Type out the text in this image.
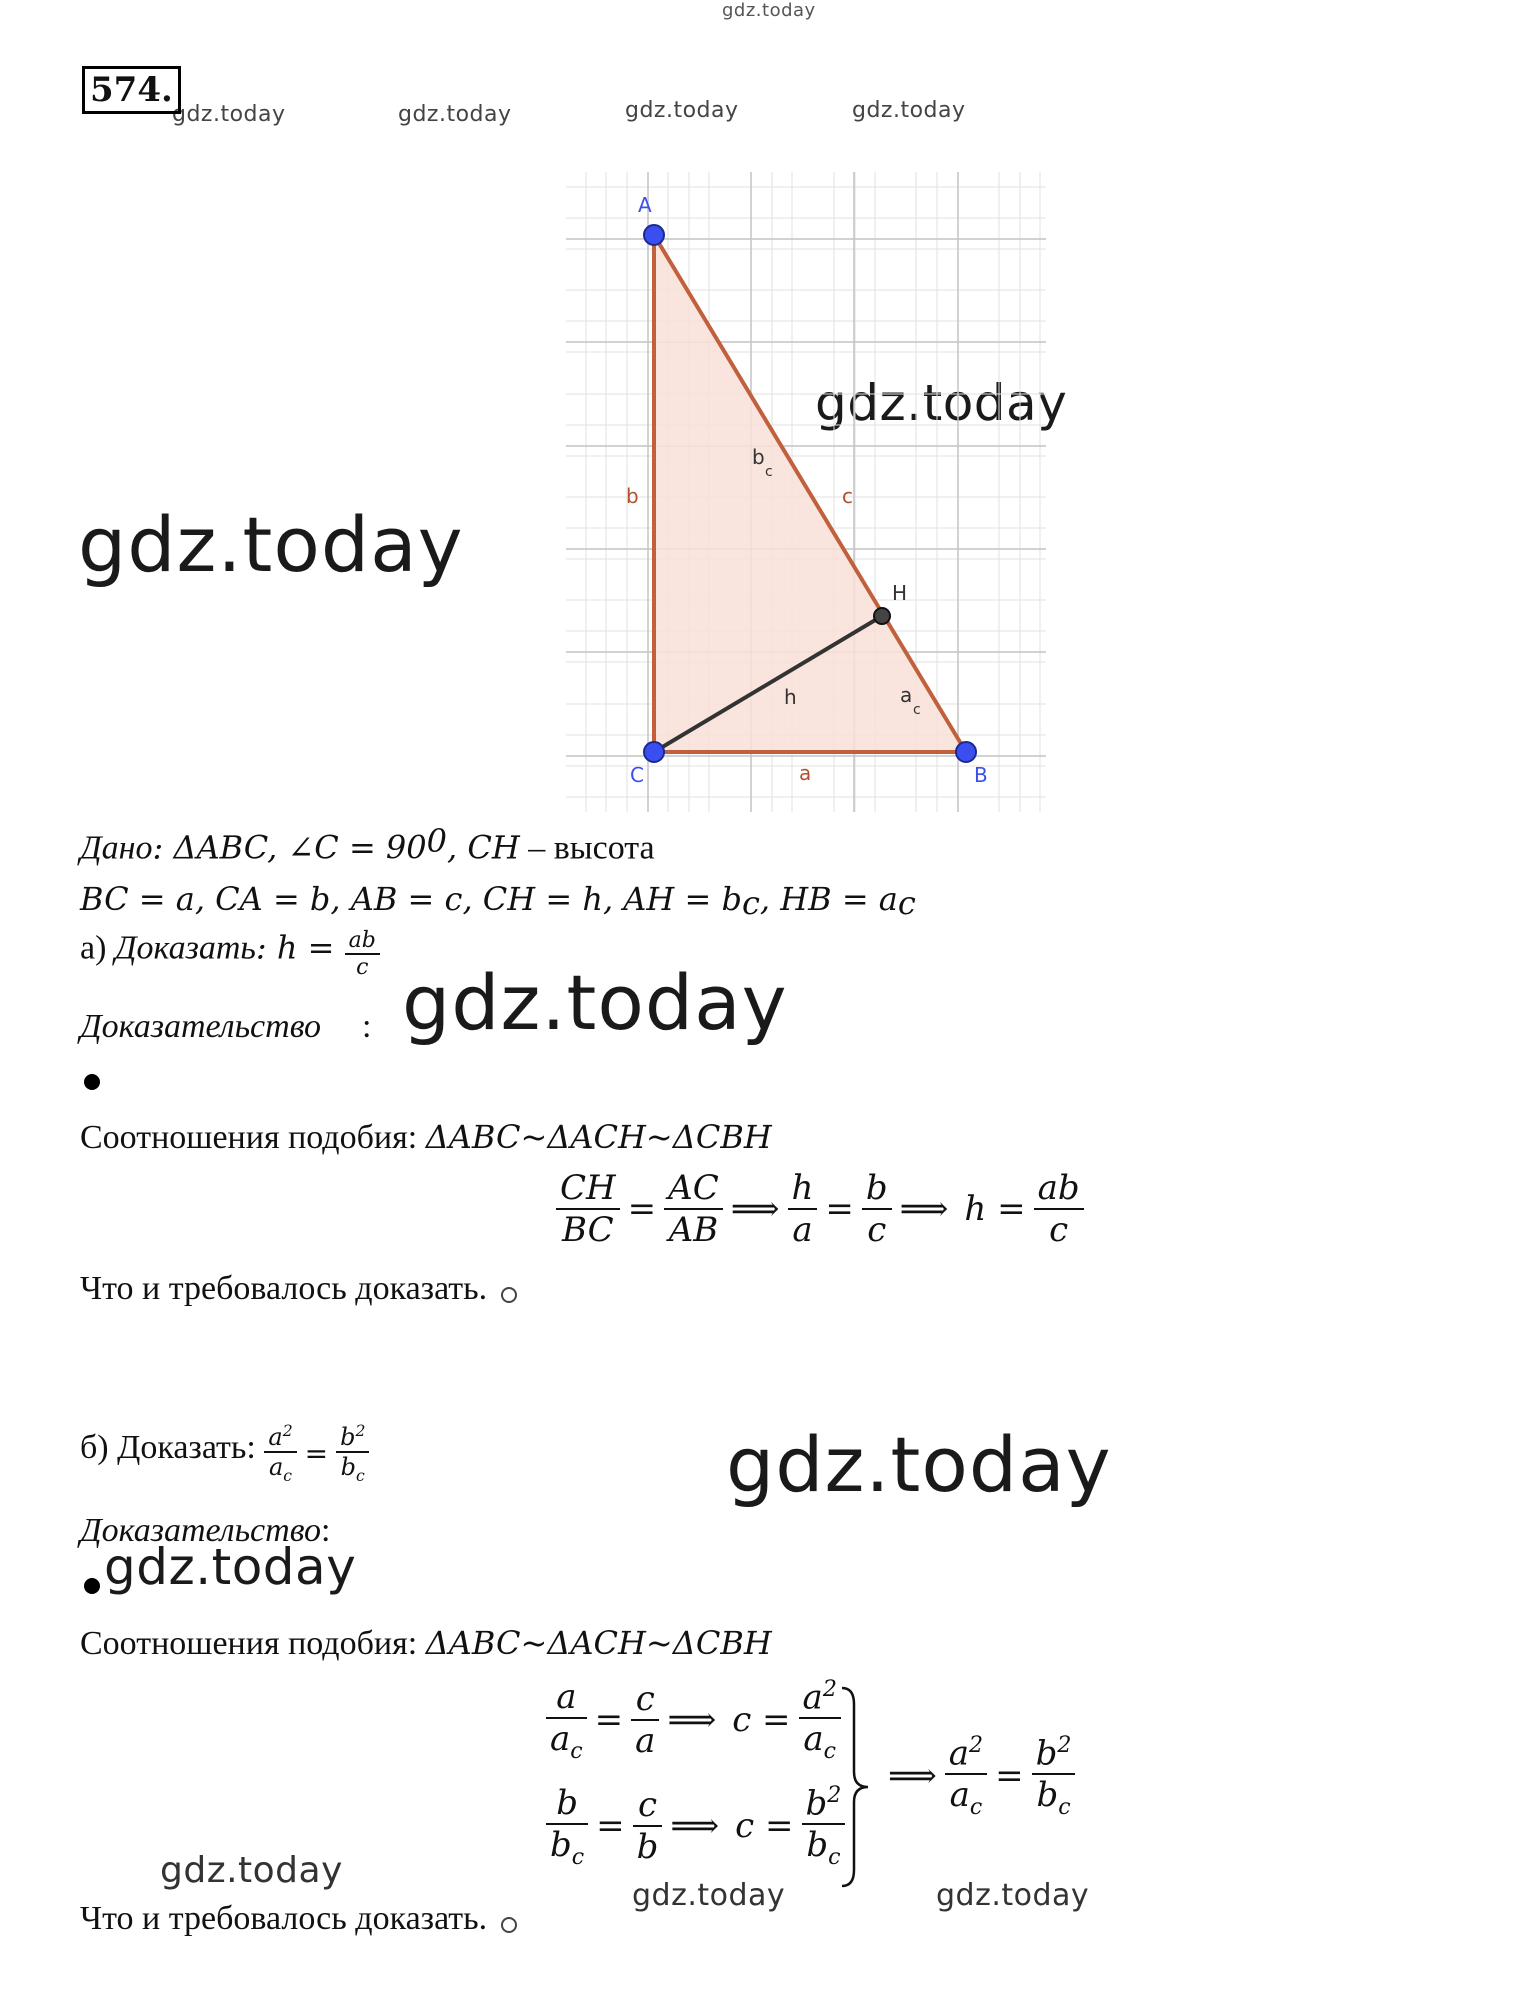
gdz.today
gdz.today	gdz.today	gdz.today	gdz.today
gdz.today
gdz.today
gdz.today
gdz.today
gdz.today
gdz.today
gdz.today	gdz.today
574.
A
C	B
H
b	c
a
h
b
c
a
c
Дано: ΔABC, ∠C = $90^0$, CH – высота
BC = a, CA = b, AB = c, CH = h, AH = $b_c$, HB = $a_c$
а) Доказать: $h = \frac{ab}{c}$
Доказательство :
Соотношения подобия: ΔABC~ΔACH~ΔCBH
$\frac{CH}{BC} = \frac{AC}{AB}$ ⟹ $\frac{h}{a} = \frac{b}{c}$ ⟹ $h = \frac{ab}{c}$
Что и требовалось доказать.
б) Доказать: $\frac{a^2}{a_c} = \frac{b^2}{b_c}$
Доказательство:
Соотношения подобия: ΔABC~ΔACH~ΔCBH
$\frac{a}{a_c} = \frac{c}{a}$ ⟹ $c = \frac{a^2}{a_c}$
$\frac{b}{b_c} = \frac{c}{b}$ ⟹ $c = \frac{b^2}{b_c}$
⟹ $\frac{a^2}{a_c} = \frac{b^2}{b_c}$
Что и требовалось доказать.
